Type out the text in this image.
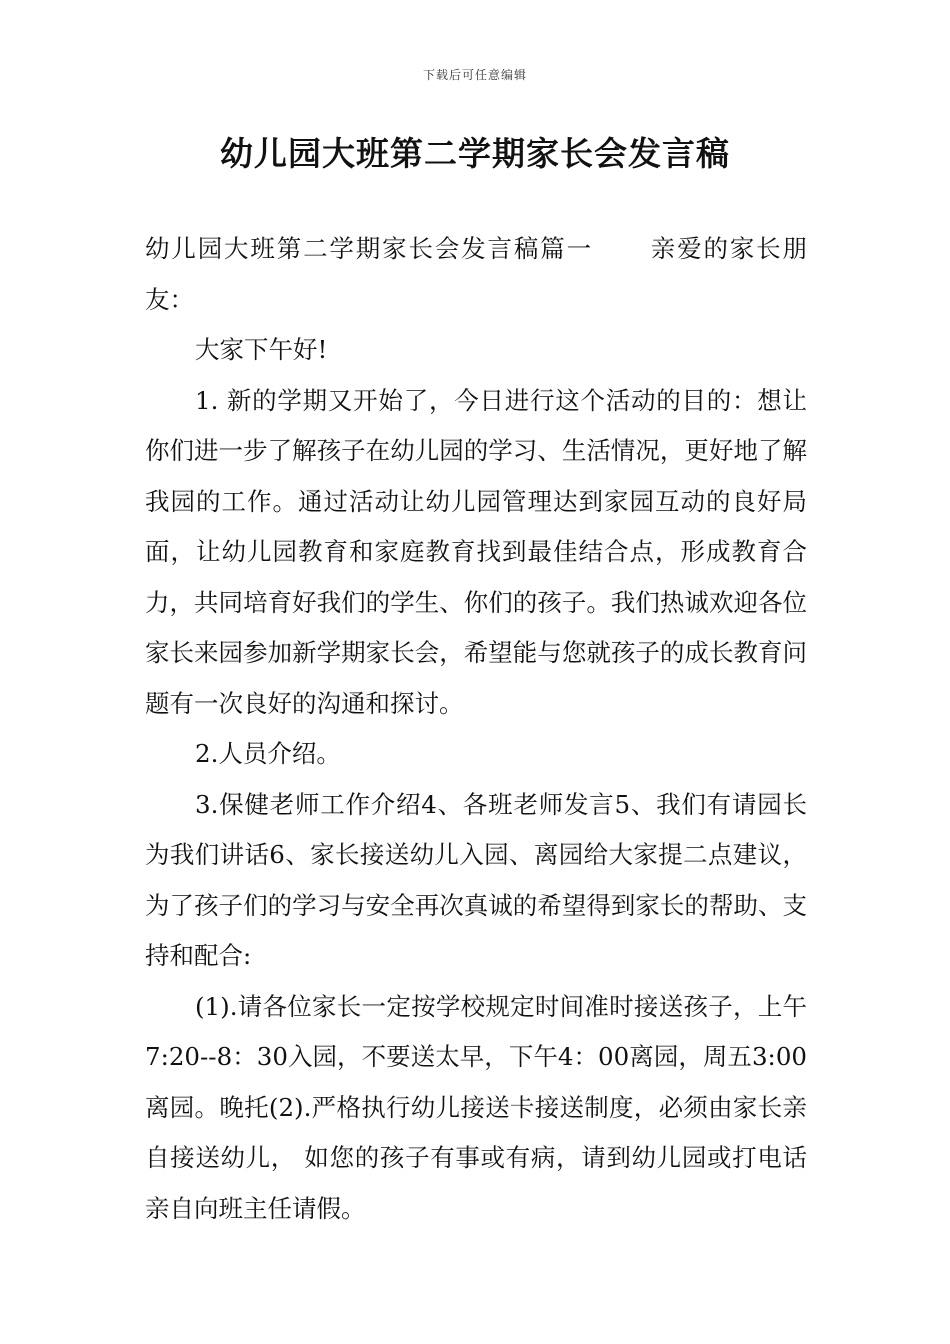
下载后可任意编辑
幼儿园大班第二学期家长会发言稿

幼儿园大班第二学期家长会发言稿篇一 亲爱的家长朋友：

大家下午好!

1. 新的学期又开始了，今日进行这个活动的目的：想让你们进一步了解孩子在幼儿园的学习、生活情况，更好地了解我园的工作。通过活动让幼儿园管理达到家园互动的良好局面，让幼儿园教育和家庭教育找到最佳结合点，形成教育合力，共同培育好我们的学生、你们的孩子。我们热诚欢迎各位家长来园参加新学期家长会，希望能与您就孩子的成长教育问题有一次良好的沟通和探讨。

2.人员介绍。

3.保健老师工作介绍4、各班老师发言5、我们有请园长为我们讲话6、家长接送幼儿入园、离园给大家提二点建议，为了孩子们的学习与安全再次真诚的希望得到家长的帮助、支持和配合:

(1).请各位家长一定按学校规定时间准时接送孩子，上午7:20--8：30入园，不要送太早，下午4：00离园，周五3:00离园。晚托(2).严格执行幼儿接送卡接送制度，必须由家长亲自接送幼儿， 如您的孩子有事或有病，请到幼儿园或打电话亲自向班主任请假。
